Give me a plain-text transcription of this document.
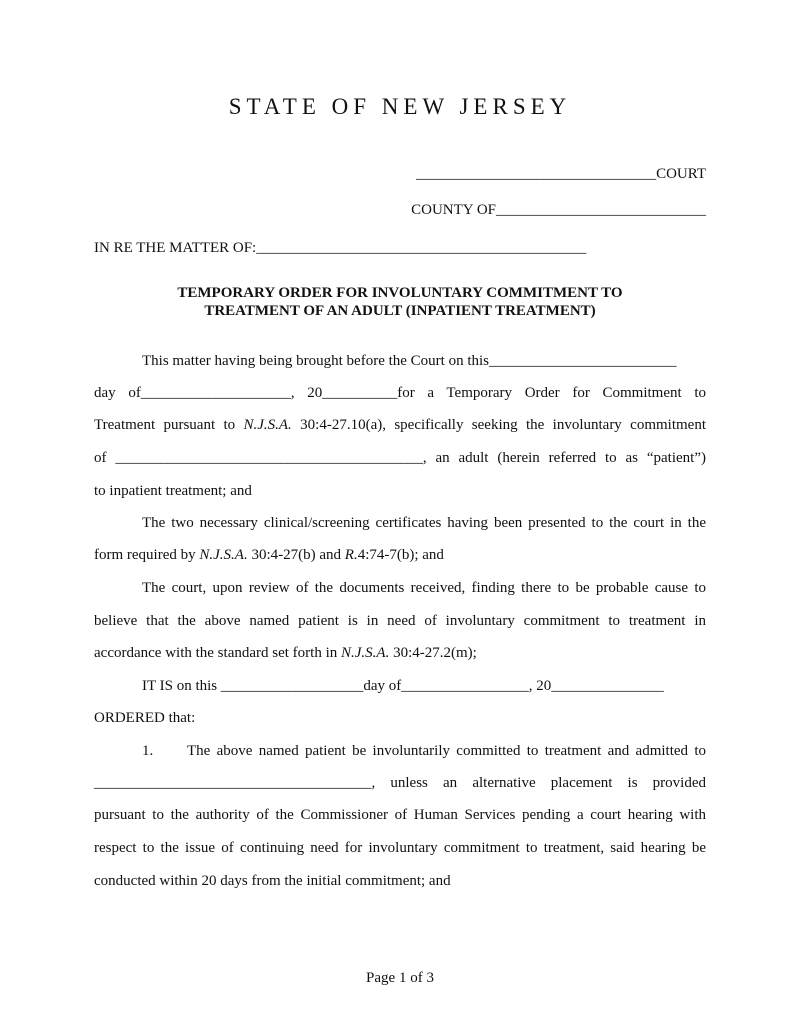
STATE OF NEW JERSEY
________________________________COURT
COUNTY OF____________________________
IN RE THE MATTER OF:____________________________________________
TEMPORARY ORDER FOR INVOLUNTARY COMMITMENT TO
TREATMENT OF AN ADULT (INPATIENT TREATMENT)
This matter having being brought before the Court on this_________________________
day of____________________, 20__________for a Temporary Order for Commitment to
Treatment pursuant to N.J.S.A. 30:4-27.10(a), specifically seeking the involuntary commitment
of _________________________________________, an adult (herein referred to as “patient”)
to inpatient treatment; and
The two necessary clinical/screening certificates having been presented to the court in the
form required by N.J.S.A. 30:4-27(b) and R.4:74-7(b); and
The court, upon review of the documents received, finding there to be probable cause to
believe that the above named patient is in need of involuntary commitment to treatment in
accordance with the standard set forth in N.J.S.A. 30:4-27.2(m);
IT IS on this ___________________day of_________________, 20_______________
ORDERED that:
1. The above named patient be involuntarily committed to treatment and admitted to
_____________________________________, unless an alternative placement is provided
pursuant to the authority of the Commissioner of Human Services pending a court hearing with
respect to the issue of continuing need for involuntary commitment to treatment, said hearing be
conducted within 20 days from the initial commitment; and
Page 1 of 3
